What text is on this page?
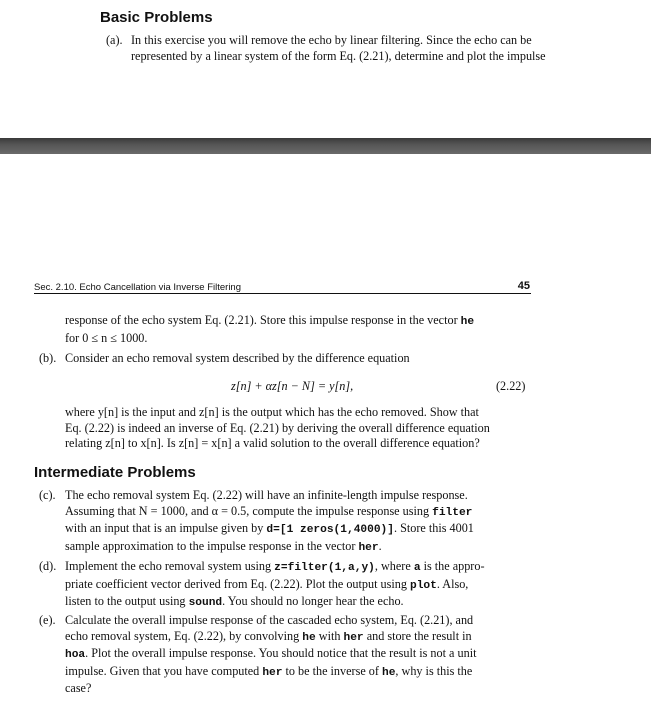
Basic Problems
(a). In this exercise you will remove the echo by linear filtering. Since the echo can be
represented by a linear system of the form Eq. (2.21), determine and plot the impulse
Sec. 2.10. Echo Cancellation via Inverse Filtering	45
response of the echo system Eq. (2.21). Store this impulse response in the vector he
for 0 ≤ n ≤ 1000.
(b). Consider an echo removal system described by the difference equation
z[n] + αz[n − N] = y[n],	(2.22)
where y[n] is the input and z[n] is the output which has the echo removed. Show that
Eq. (2.22) is indeed an inverse of Eq. (2.21) by deriving the overall difference equation
relating z[n] to x[n]. Is z[n] = x[n] a valid solution to the overall difference equation?
Intermediate Problems
(c). The echo removal system Eq. (2.22) will have an infinite-length impulse response.
Assuming that N = 1000, and α = 0.5, compute the impulse response using filter
with an input that is an impulse given by d=[1 zeros(1,4000)]. Store this 4001
sample approximation to the impulse response in the vector her.
(d). Implement the echo removal system using z=filter(1,a,y), where a is the appro-
priate coefficient vector derived from Eq. (2.22). Plot the output using plot. Also,
listen to the output using sound. You should no longer hear the echo.
(e). Calculate the overall impulse response of the cascaded echo system, Eq. (2.21), and
echo removal system, Eq. (2.22), by convolving he with her and store the result in
hoa. Plot the overall impulse response. You should notice that the result is not a unit
impulse. Given that you have computed her to be the inverse of he, why is this the
case?
